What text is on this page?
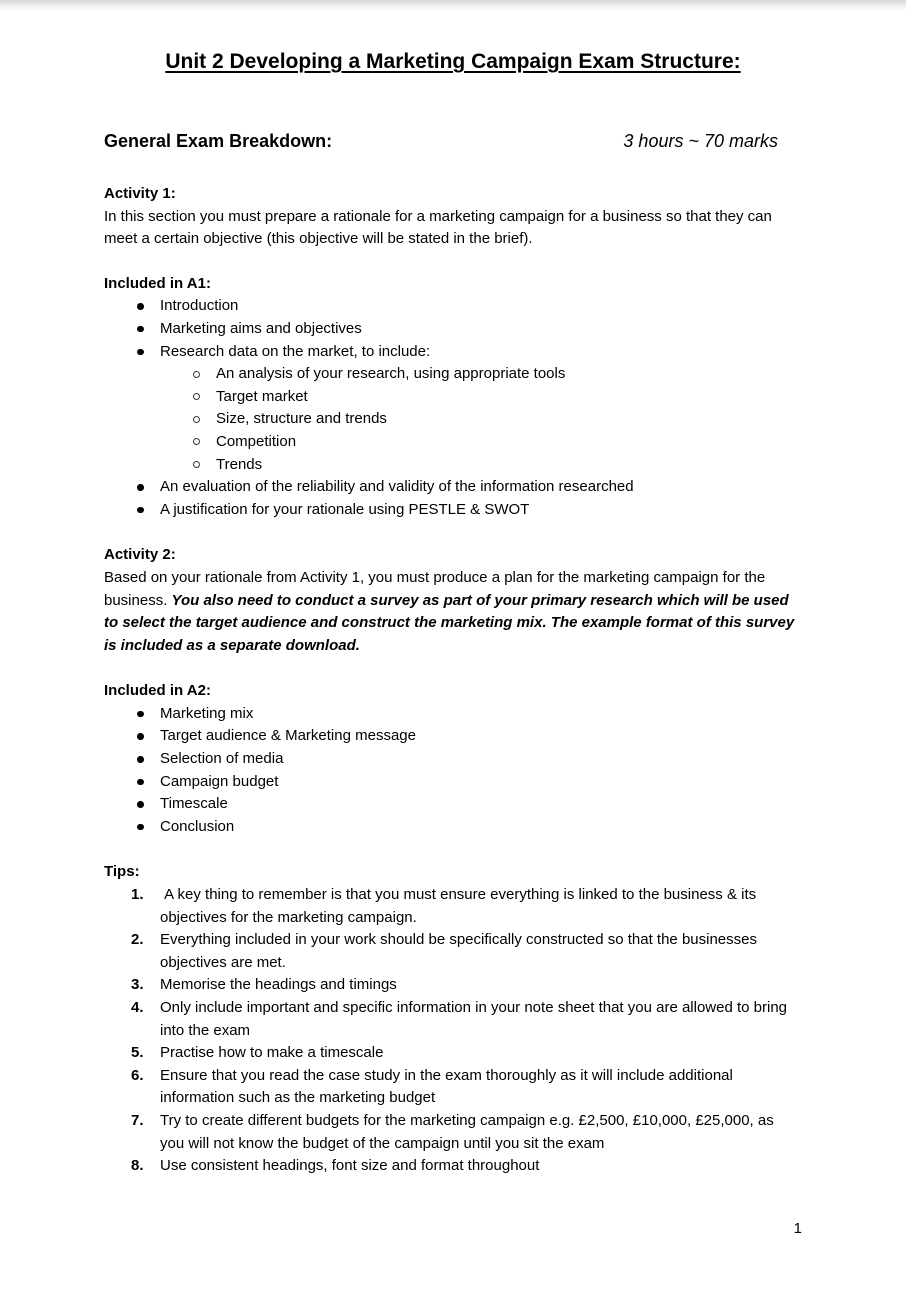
Unit 2 Developing a Marketing Campaign Exam Structure:
General Exam Breakdown:	3 hours ~ 70 marks
Activity 1:

In this section you must prepare a rationale for a marketing campaign for a business so that they can meet a certain objective (this objective will be stated in the brief).

Included in A1:
Introduction
Marketing aims and objectives
Research data on the market, to include:
An analysis of your research, using appropriate tools
Target market
Size, structure and trends
Competition
Trends
An evaluation of the reliability and validity of the information researched
A justification for your rationale using PESTLE & SWOT
Activity 2:

Based on your rationale from Activity 1, you must produce a plan for the marketing campaign for the business. You also need to conduct a survey as part of your primary research which will be used to select the target audience and construct the marketing mix. The example format of this survey is included as a separate download.

Included in A2:
Marketing mix
Target audience & Marketing message
Selection of media
Campaign budget
Timescale
Conclusion
Tips:
1.	A key thing to remember is that you must ensure everything is linked to the business & its objectives for the marketing campaign.
2.	Everything included in your work should be specifically constructed so that the businesses objectives are met.
3.	Memorise the headings and timings
4.	Only include important and specific information in your note sheet that you are allowed to bring into the exam
5.	Practise how to make a timescale
6.	Ensure that you read the case study in the exam thoroughly as it will include additional information such as the marketing budget
7.	Try to create different budgets for the marketing campaign e.g. £2,500, £10,000, £25,000, as you will not know the budget of the campaign until you sit the exam
8.	Use consistent headings, font size and format throughout
1
